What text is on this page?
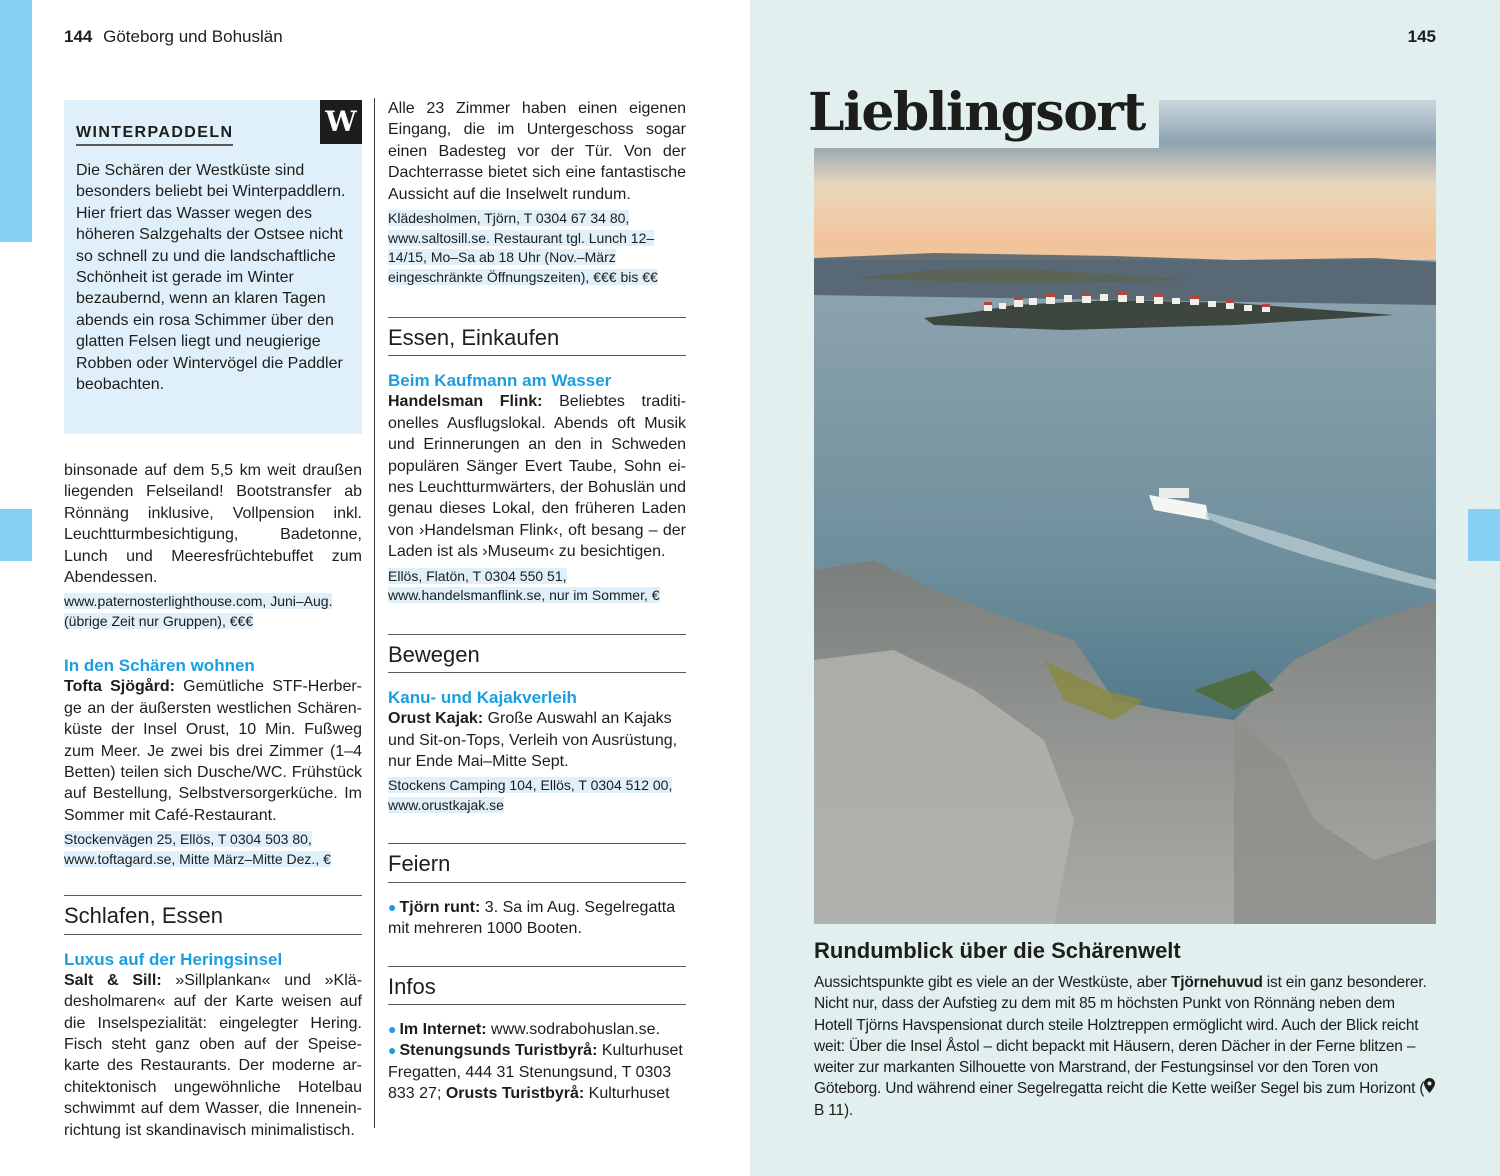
144 Göteborg und Bohuslän
W
WINTERPADDELN
Die Schären der Westküste sind besonders beliebt bei Winterpaddlern. Hier friert das Wasser wegen des höheren Salzgehalts der Ostsee nicht so schnell zu und die landschaftliche Schönheit ist gerade im Winter bezaubernd, wenn an klaren Tagen abends ein rosa Schimmer über den glatten Felsen liegt und neugierige Robben oder Wintervögel die Paddler beobachten.

binsonade auf dem 5,5 km weit draußen liegenden Felseiland! Bootstransfer ab Rönnäng inklusive, Vollpension inkl. Leuchtturmbesichtigung, Badetonne, Lunch und Meeresfrüchtebuffet zum Abendessen.

www.paternosterlighthouse.com, Juni–Aug. (übrige Zeit nur Gruppen), €€€
In den Schären wohnen

Tofta Sjögård: Gemütliche STF-Herberge an der äußersten westlichen Schärenküste der Insel Orust, 10 Min. Fußweg zum Meer. Je zwei bis drei Zimmer (1–4 Betten) teilen sich Dusche/WC. Frühstück auf Bestellung, Selbstversorgerküche. Im Sommer mit Café-Restaurant.

Stockenvägen 25, Ellös, T 0304 503 80, www.toftagard.se, Mitte März–Mitte Dez., €
Schlafen, Essen
Luxus auf der Heringsinsel

Salt & Sill: »Sillplankan« und »Klädesholmaren« auf der Karte weisen auf die Inselspezialität: eingelegter Hering. Fisch steht ganz oben auf der Speisekarte des Restaurants. Der moderne architektonisch ungewöhnliche Hotelbau schwimmt auf dem Wasser, die Inneneinrichtung ist skandinavisch minimalistisch.

Alle 23 Zimmer haben einen eigenen Eingang, die im Untergeschoss sogar einen Badesteg vor der Tür. Von der Dachterrasse bietet sich eine fantastische Aussicht auf die Inselwelt rundum.

Klädesholmen, Tjörn, T 0304 67 34 80, www.saltosill.se. Restaurant tgl. Lunch 12–14/15, Mo–Sa ab 18 Uhr (Nov.–März eingeschränkte Öffnungszeiten), €€€ bis €€
Essen, Einkaufen
Beim Kaufmann am Wasser

Handelsman Flink: Beliebtes traditionelles Ausflugslokal. Abends oft Musik und Erinnerungen an den in Schweden populären Sänger Evert Taube, Sohn eines Leuchtturmwärters, der Bohuslän und genau dieses Lokal, den früheren Laden von ›Handelsman Flink‹, oft besang – der Laden ist als ›Museum‹ zu besichtigen.

Ellös, Flatön, T 0304 550 51, www.handelsmanflink.se, nur im Sommer, €
Bewegen
Kanu- und Kajakverleih

Orust Kajak: Große Auswahl an Kajaks und Sit-on-Tops, Verleih von Ausrüstung, nur Ende Mai–Mitte Sept.

Stockens Camping 104, Ellös, T 0304 512 00, www.orustkajak.se
Feiern

● Tjörn runt: 3. Sa im Aug. Segelregatta mit mehreren 1000 Booten.

Infos

● Im Internet: www.sodrabohuslan.se.

● Stenungsunds Turistbyrå: Kulturhuset Fregatten, 444 31 Stenungsund, T 0303 833 27; Orusts Turistbyrå: Kulturhuset

145
Lieblingsort
Rundumblick über die Schärenwelt
Aussichtspunkte gibt es viele an der Westküste, aber Tjörnehuvud ist ein ganz besonderer. Nicht nur, dass der Aufstieg zu dem mit 85 m höchsten Punkt von Rönnäng neben dem Hotell Tjörns Havspensionat durch steile Holztreppen ermöglicht wird. Auch der Blick reicht weit: Über die Insel Åstol – dicht bepackt mit Häusern, deren Dächer in der Ferne blitzen – weiter zur markanten Silhouette von Marstrand, der Festungsinsel vor den Toren von Göteborg. Und während einer Segelregatta reicht die Kette weißer Segel bis zum Horizont ( B 11).
